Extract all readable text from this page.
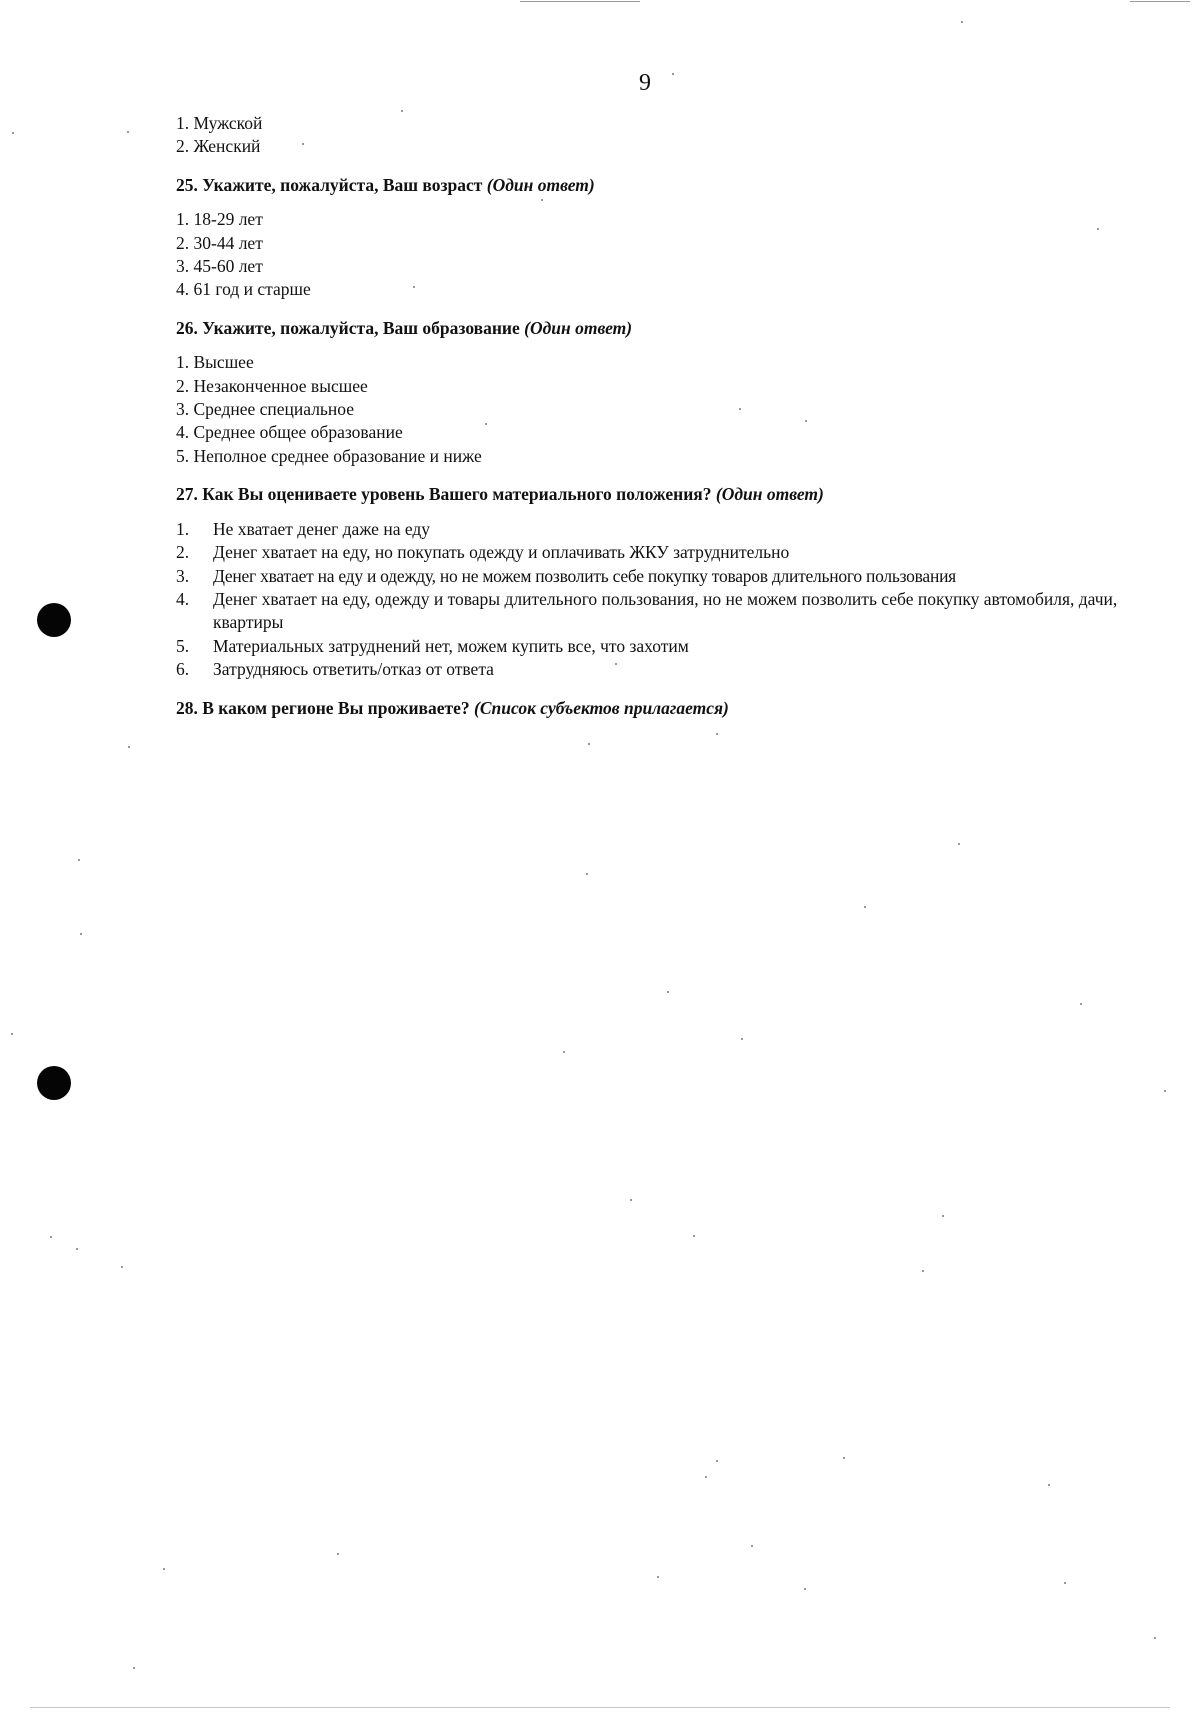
9

1. Мужской

2. Женский

25. Укажите, пожалуйста, Ваш возраст (Один ответ)

1. 18-29 лет

2. 30-44 лет

3. 45-60 лет

4. 61 год и старше

26. Укажите, пожалуйста, Ваш образование (Один ответ)

1. Высшее

2. Незаконченное высшее

3. Среднее специальное

4. Среднее общее образование

5. Неполное среднее образование и ниже

27. Как Вы оцениваете уровень Вашего материального положения? (Один ответ)

1. Не хватает денег даже на еду
2. Денег хватает на еду, но покупать одежду и оплачивать ЖКУ затруднительно
3. Денег хватает на еду и одежду, но не можем позволить себе покупку товаров длительного пользования
4. Денег хватает на еду, одежду и товары длительного пользования, но не можем позволить себе покупку автомобиля, дачи, квартиры
5. Материальных затруднений нет, можем купить все, что захотим
6. Затрудняюсь ответить/отказ от ответа

28. В каком регионе Вы проживаете? (Список субъектов прилагается)
